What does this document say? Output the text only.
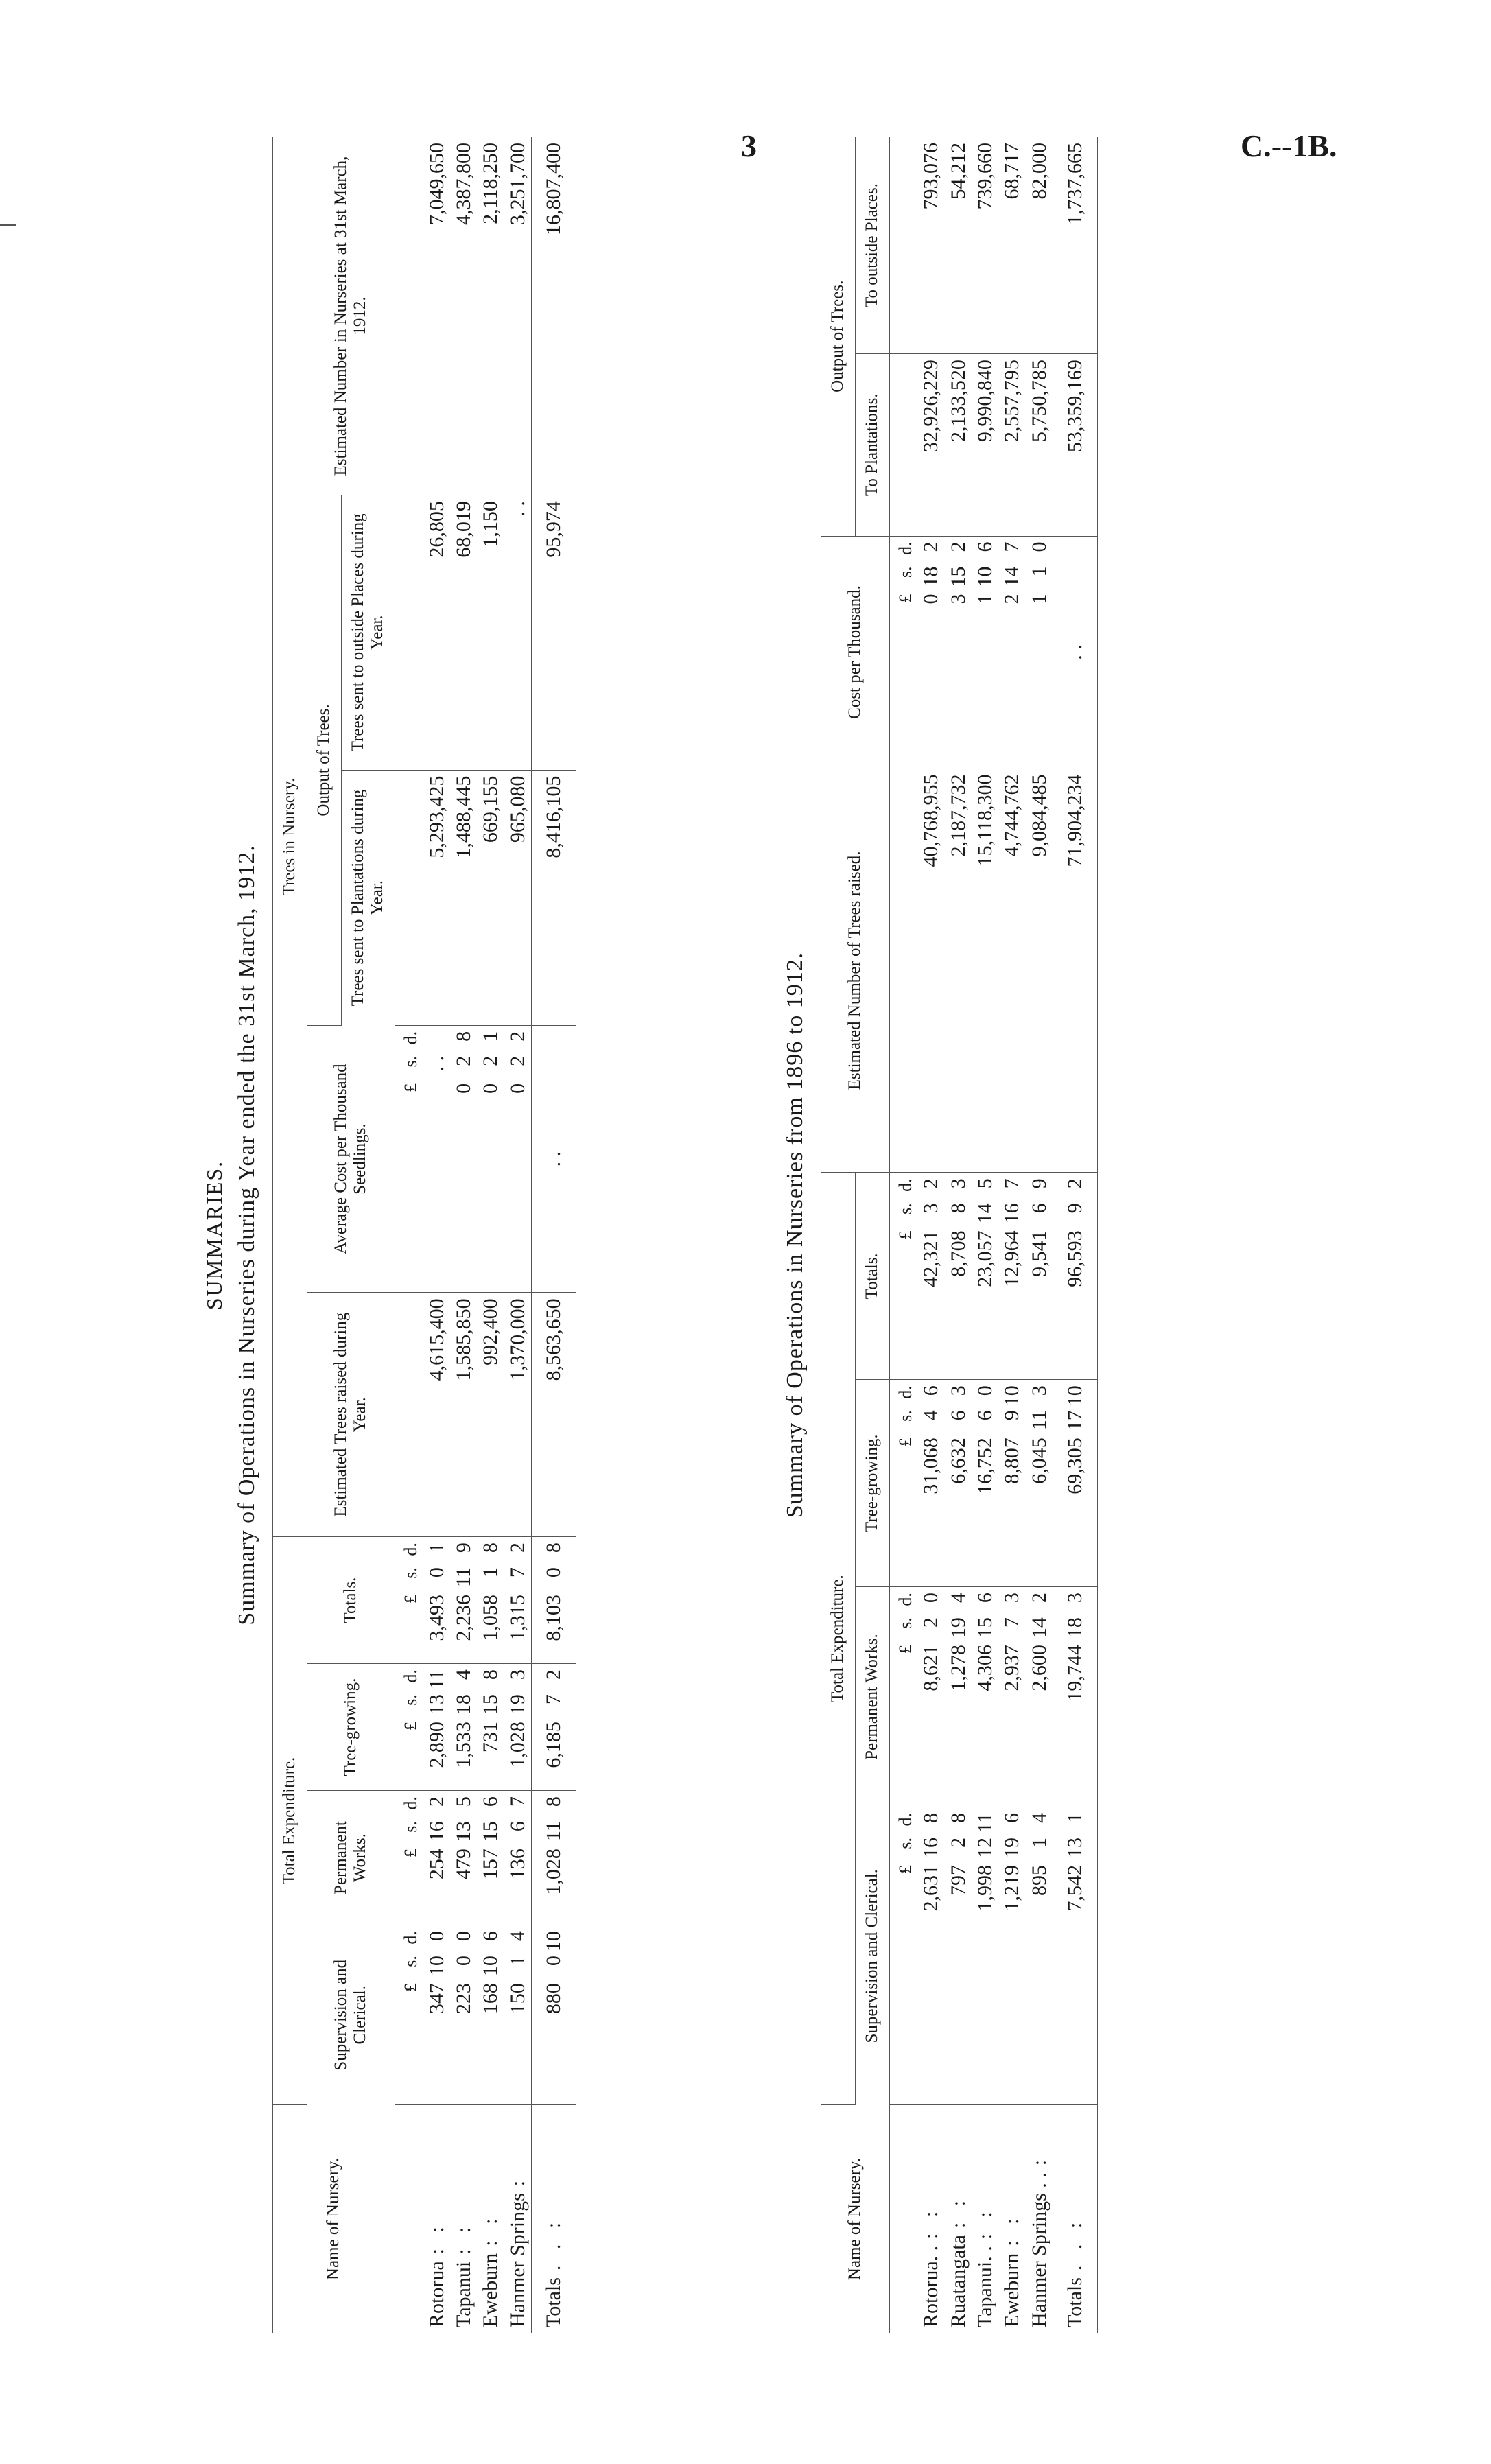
3	C.--1B.
SUMMARIES. Summary of Operations in Nurseries during Year ended the 31st March, 1912.
Name of Nursery.	Total Expenditure.				Trees in Nursery.				
	Supervision and Clerical.	Permanent Works.	Tree-growing.	Totals.	Estimated Trees raised during Year.	Average Cost per Thousand Seedlings.	Output of Trees.		Estimated Number in Nurseries at 31st March, 1912.
							Trees sent to Plantations during Year.	Trees sent to outside Places during Year.	
	£s.d.	£s.d.	£s.d.	£s.d.		£s.d.			
Rotorua: :	347100	254162	2,8901311	3,49301	4,615,400	. .	5,293,425	26,805	7,049,650
Tapanui: :	22300	479135	1,533184	2,236119	1,585,850	028	1,488,445	68,019	4,387,800
Eweburn: :	168106	157156	731158	1,05818	992,400	021	669,155	1,150	2,118,250
Hanmer Springs:	15014	13667	1,028193	1,31572	1,370,000	022	965,080	. .	3,251,700
Totals. . :	880010	1,028118	6,18572	8,10308	8,563,650	. .	8,416,105	95,974	16,807,400
Summary of Operations in Nurseries from 1896 to 1912.
Name of Nursery.	Total Expenditure.				Estimated Number of Trees raised.	Cost per Thousand.	Output of Trees.	
	Supervision and Clerical.	Permanent Works.	Tree-growing.	Totals.			To Plantations.	To outside Places.
	£s.d.	£s.d.	£s.d.	£s.d.		£s.d.		
Rotorua. .: :	2,631168	8,62120	31,06846	42,32132	40,768,955	0182	32,926,229	793,076
Ruatangata: :	79728	1,278194	6,63263	8,70883	2,187,732	3152	2,133,520	54,212
Tapanui. .: :	1,9981211	4,306156	16,75260	23,057145	15,118,300	1106	9,990,840	739,660
Eweburn: :	1,219196	2,93773	8,807910	12,964167	4,744,762	2147	2,557,795	68,717
Hanmer Springs . .:	89514	2,600142	6,045113	9,54169	9,084,485	110	5,750,785	82,000
Totals. . :	7,542131	19,744183	69,3051710	96,59392	71,904,234	. .	53,359,169	1,737,665
